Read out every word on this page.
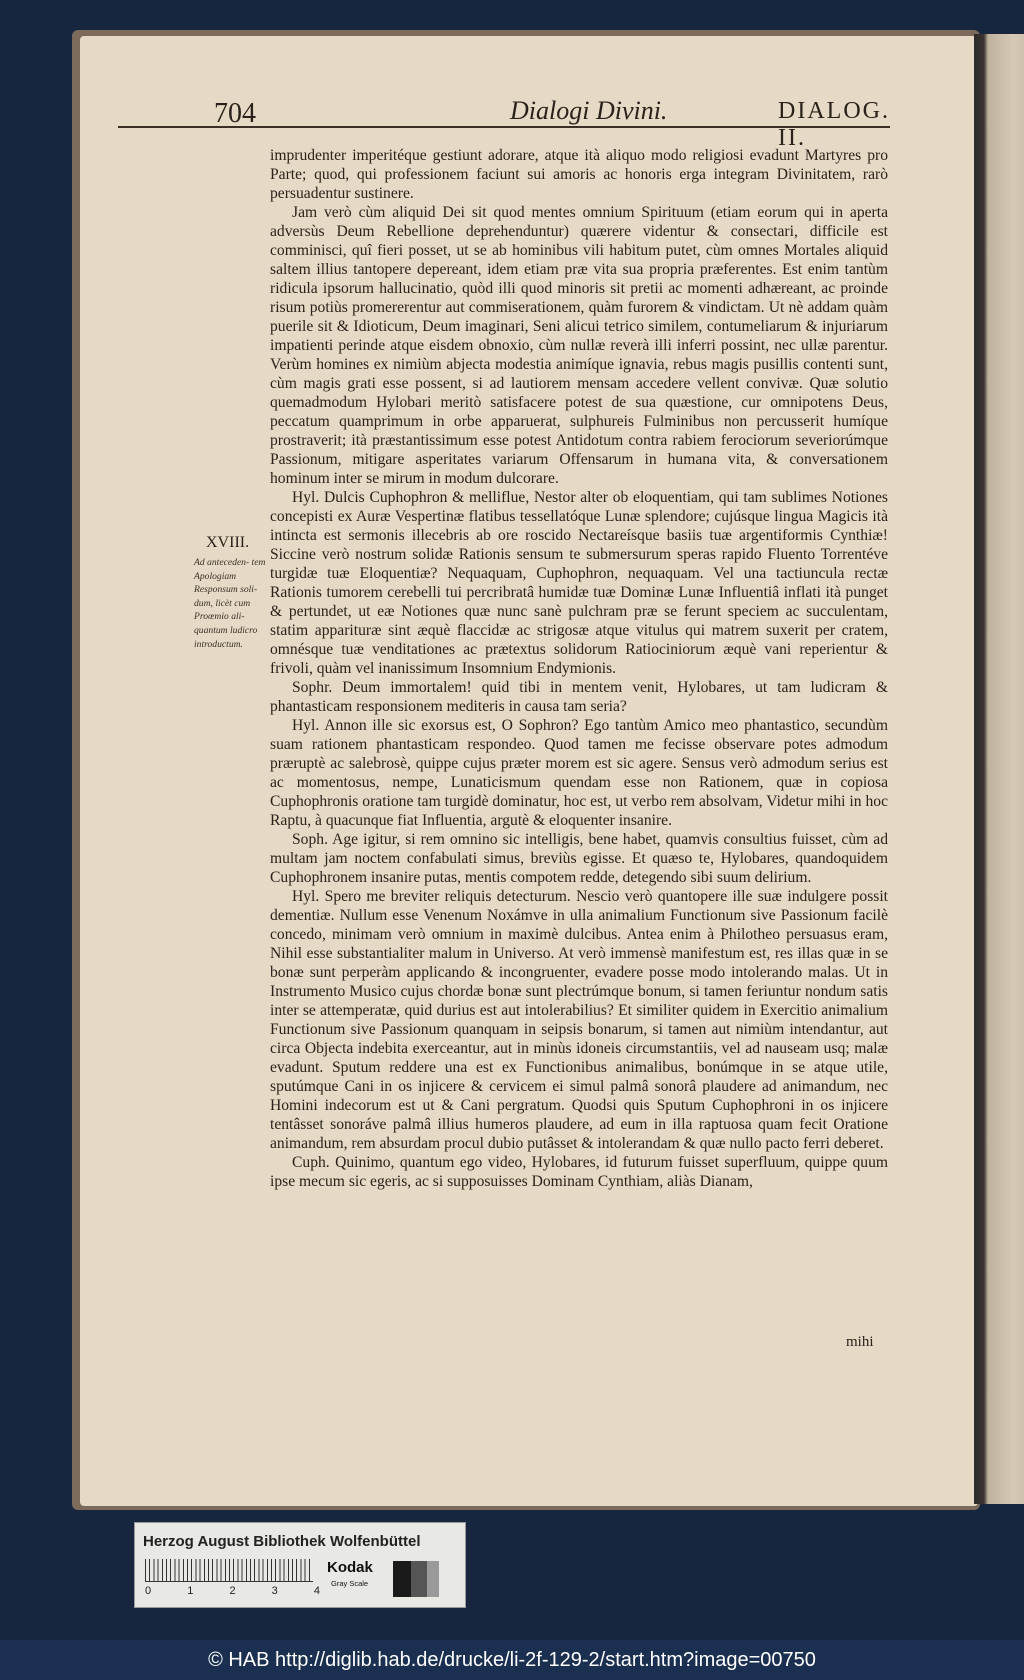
704	Dialogi Divini.	DIALOG. II.
XVIII.
Ad anteceden- tem Apologiam Responsum soli- dum, licèt cum Proœmio ali- quantum ludicro introductum.

imprudenter imperitéque gestiunt adorare, atque ità aliquo modo religiosi evadunt Martyres pro Parte; quod, qui professionem faciunt sui amoris ac honoris erga integram Divinitatem, rarò persuadentur sustinere.

Jam verò cùm aliquid Dei sit quod mentes omnium Spirituum (etiam eorum qui in aperta adversùs Deum Rebellione deprehenduntur) quærere videntur & consectari, difficile est comminisci, quî fieri posset, ut se ab hominibus vili habitum putet, cùm omnes Mortales aliquid saltem illius tantopere depereant, idem etiam præ vita sua propria præferentes. Est enim tantùm ridicula ipsorum hallucinatio, quòd illi quod minoris sit pretii ac momenti adhæreant, ac proinde risum potiùs promererentur aut commiserationem, quàm furorem & vindictam. Ut nè addam quàm puerile sit & Idioticum, Deum imaginari, Seni alicui tetrico similem, contumeliarum & injuriarum impatienti perinde atque eisdem obnoxio, cùm nullæ reverà illi inferri possint, nec ullæ parentur. Verùm homines ex nimiùm abjecta modestia animíque ignavia, rebus magis pusillis contenti sunt, cùm magis grati esse possent, si ad lautiorem mensam accedere vellent convivæ. Quæ solutio quemadmodum Hylobari meritò satisfacere potest de sua quæstione, cur omnipotens Deus, peccatum quamprimum in orbe apparuerat, sulphureis Fulminibus non percusserit humíque prostraverit; ità præstantissimum esse potest Antidotum contra rabiem ferociorum severiorúmque Passionum, mitigare asperitates variarum Offensarum in humana vita, & conversationem hominum inter se mirum in modum dulcorare.

Hyl. Dulcis Cuphophron & melliflue, Nestor alter ob eloquentiam, qui tam sublimes Notiones concepisti ex Auræ Vespertinæ flatibus tessellatóque Lunæ splendore; cujúsque lingua Magicis ità intincta est sermonis illecebris ab ore roscido Nectareísque basiis tuæ argentiformis Cynthiæ! Siccine verò nostrum solidæ Rationis sensum te submersurum speras rapido Fluento Torrentéve turgidæ tuæ Eloquentiæ? Nequaquam, Cuphophron, nequaquam. Vel una tactiuncula rectæ Rationis tumorem cerebelli tui percribratâ humidæ tuæ Dominæ Lunæ Influentiâ inflati ità punget & pertundet, ut eæ Notiones quæ nunc sanè pulchram præ se ferunt speciem ac succulentam, statim apparituræ sint æquè flaccidæ ac strigosæ atque vitulus qui matrem suxerit per cratem, omnésque tuæ venditationes ac prætextus solidorum Ratiociniorum æquè vani reperientur & frivoli, quàm vel inanissimum Insomnium Endymionis.

Sophr. Deum immortalem! quid tibi in mentem venit, Hylobares, ut tam ludicram & phantasticam responsionem mediteris in causa tam seria?

Hyl. Annon ille sic exorsus est, O Sophron? Ego tantùm Amico meo phantastico, secundùm suam rationem phantasticam respondeo. Quod tamen me fecisse observare potes admodum præruptè ac salebrosè, quippe cujus præter morem est sic agere. Sensus verò admodum serius est ac momentosus, nempe, Lunaticismum quendam esse non Rationem, quæ in copiosa Cuphophronis oratione tam turgidè dominatur, hoc est, ut verbo rem absolvam, Videtur mihi in hoc Raptu, à quacunque fiat Influentia, argutè & eloquenter insanire.

Soph. Age igitur, si rem omnino sic intelligis, bene habet, quamvis consultius fuisset, cùm ad multam jam noctem confabulati simus, breviùs egisse. Et quæso te, Hylobares, quandoquidem Cuphophronem insanire putas, mentis compotem redde, detegendo sibi suum delirium.

Hyl. Spero me breviter reliquis detecturum. Nescio verò quantopere ille suæ indulgere possit dementiæ. Nullum esse Venenum Noxámve in ulla animalium Functionum sive Passionum facilè concedo, minimam verò omnium in maximè dulcibus. Antea enim à Philotheo persuasus eram, Nihil esse substantialiter malum in Universo. At verò immensè manifestum est, res illas quæ in se bonæ sunt perperàm applicando & incongruenter, evadere posse modo intolerando malas. Ut in Instrumento Musico cujus chordæ bonæ sunt plectrúmque bonum, si tamen feriuntur nondum satis inter se attemperatæ, quid durius est aut intolerabilius? Et similiter quidem in Exercitio animalium Functionum sive Passionum quanquam in seipsis bonarum, si tamen aut nimiùm intendantur, aut circa Objecta indebita exerceantur, aut in minùs idoneis circumstantiis, vel ad nauseam usq; malæ evadunt. Sputum reddere una est ex Functionibus animalibus, bonúmque in se atque utile, sputúmque Cani in os injicere & cervicem ei simul palmâ sonorâ plaudere ad animandum, nec Homini indecorum est ut & Cani pergratum. Quodsi quis Sputum Cuphophroni in os injicere tentâsset sonoráve palmâ illius humeros plaudere, ad eum in illa raptuosa quam fecit Oratione animandum, rem absurdam procul dubio putâsset & intolerandam & quæ nullo pacto ferri deberet.

Cuph. Quinimo, quantum ego video, Hylobares, id futurum fuisset superfluum, quippe quum ipse mecum sic egeris, ac si supposuisses Dominam Cynthiam, aliàs Dianam,

mihi
Herzog August Bibliothek Wolfenbüttel
0	1	2	3	4
Kodak
Gray Scale
© HAB http://diglib.hab.de/drucke/li-2f-129-2/start.htm?image=00750
